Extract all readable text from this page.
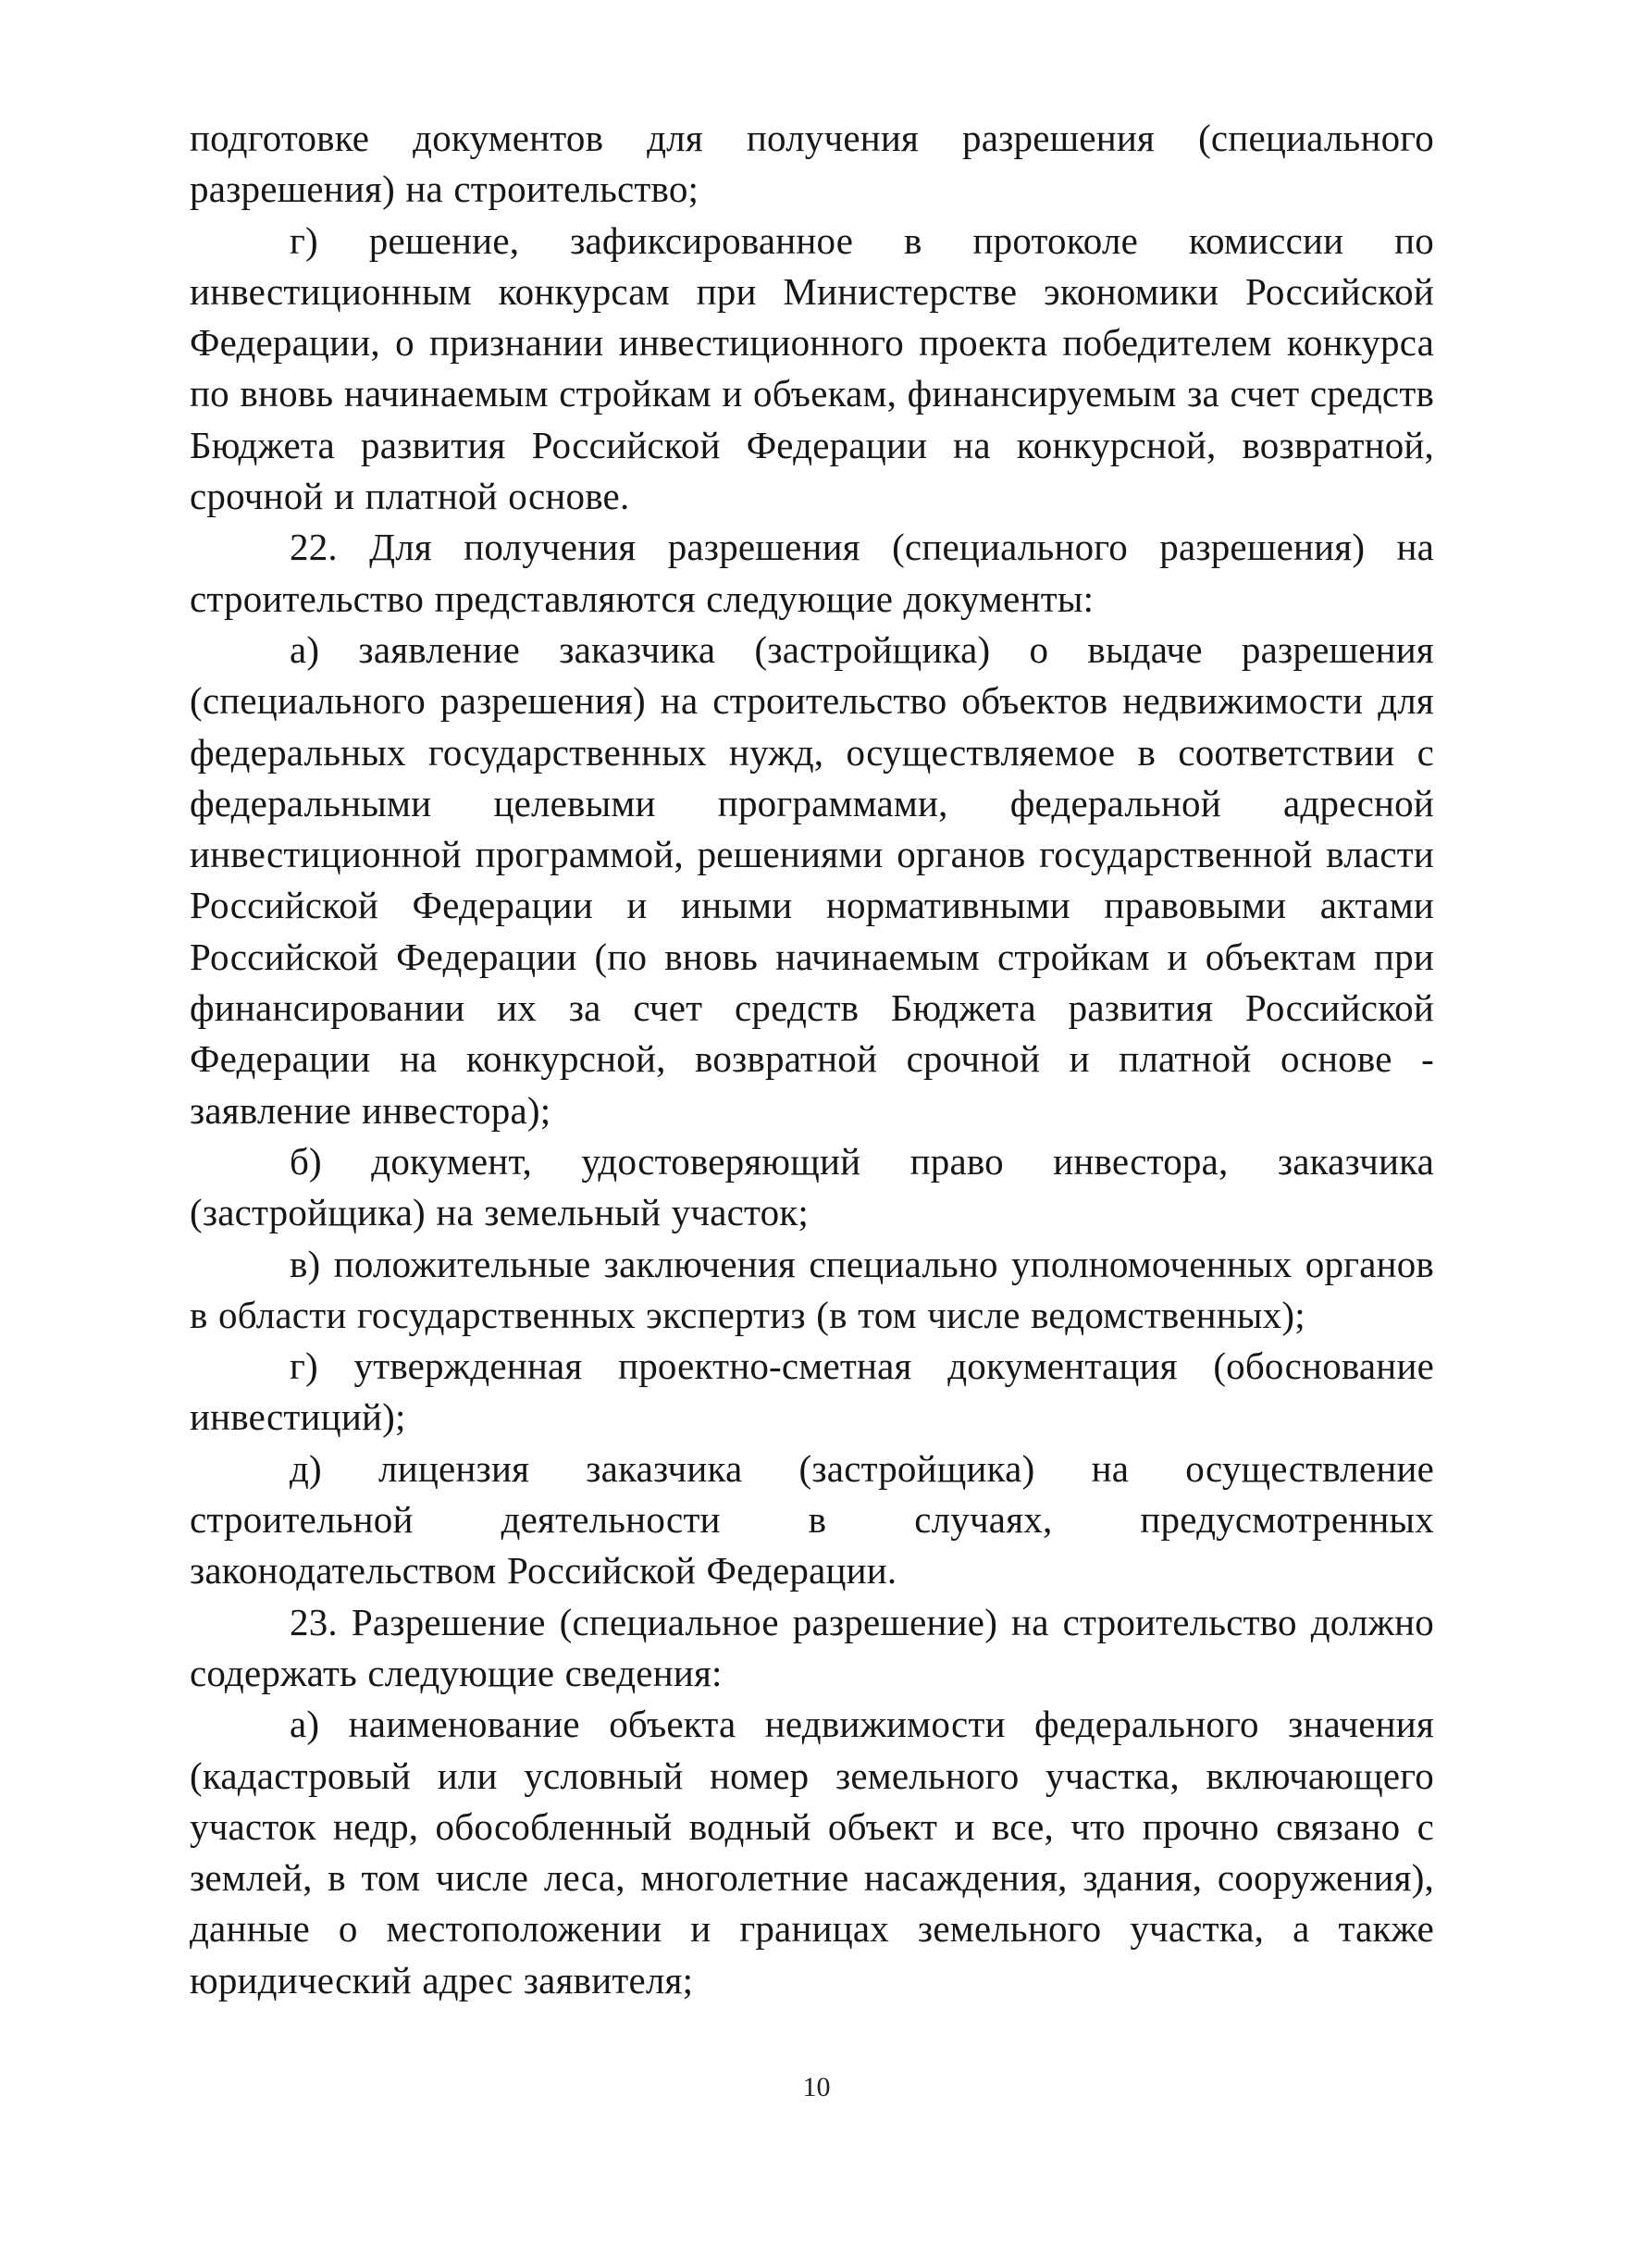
подготовке документов для получения разрешения (специального разрешения) на строительство;

г) решение, зафиксированное в протоколе комиссии по инвестиционным конкурсам при Министерстве экономики Российской Федерации, о признании инвестиционного проекта победителем конкурса по вновь начинаемым стройкам и объекам, финансируемым за счет средств Бюджета развития Российской Федерации на конкурсной, возвратной, срочной и платной основе.

22. Для получения разрешения (специального разрешения) на строительство представляются следующие документы:

а) заявление заказчика (застройщика) о выдаче разрешения (специального разрешения) на строительство объектов недвижимости для федеральных государственных нужд, осуществляемое в соответствии с федеральными целевыми программами, федеральной адресной инвестиционной программой, решениями органов государственной власти Российской Федерации и иными нормативными правовыми актами Российской Федерации (по вновь начинаемым стройкам и объектам при финансировании их за счет средств Бюджета развития Российской Федерации на конкурсной, возвратной срочной и платной основе - заявление инвестора);

б) документ, удостоверяющий право инвестора, заказчика (застройщика) на земельный участок;

в) положительные заключения специально уполномоченных органов в области государственных экспертиз (в том числе ведомственных);

г) утвержденная проектно-сметная документация (обоснование инвестиций);

д) лицензия заказчика (застройщика) на осуществление строительной деятельности в случаях, предусмотренных законодательством Российской Федерации.

23. Разрешение (специальное разрешение) на строительство должно содержать следующие сведения:

а) наименование объекта недвижимости федерального значения (кадастровый или условный номер земельного участка, включающего участок недр, обособленный водный объект и все, что прочно связано с землей, в том числе леса, многолетние насаждения, здания, сооружения), данные о местоположении и границах земельного участка, а также юридический адрес заявителя;

10
